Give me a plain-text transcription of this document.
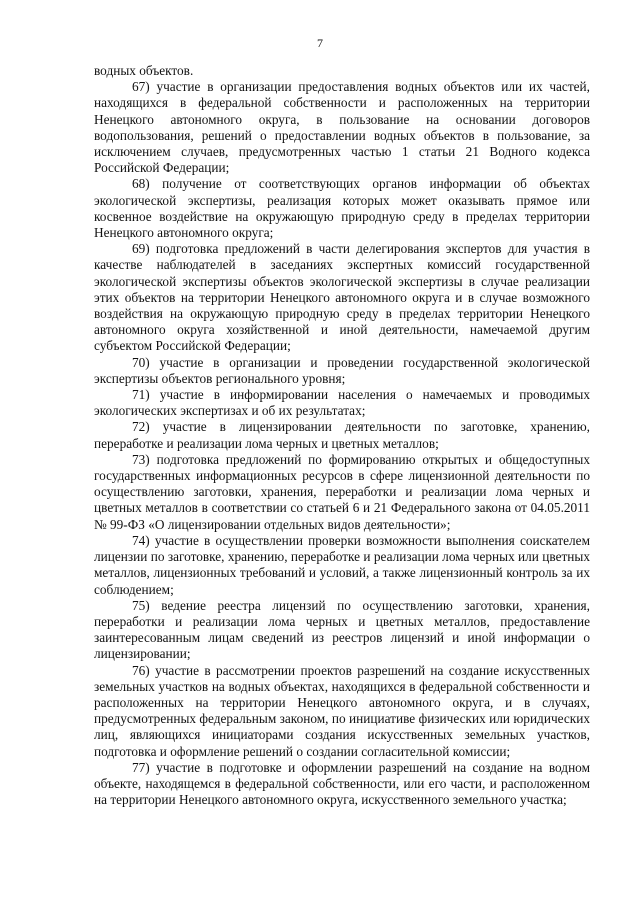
7

водных объектов.

67) участие в организации предоставления водных объектов или их частей, находящихся в федеральной собственности и расположенных на территории Ненецкого автономного округа, в пользование на основании договоров водопользования, решений о предоставлении водных объектов в пользование, за исключением случаев, предусмотренных частью 1 статьи 21 Водного кодекса Российской Федерации;

68) получение от соответствующих органов информации об объектах экологической экспертизы, реализация которых может оказывать прямое или косвенное воздействие на окружающую природную среду в пределах территории Ненецкого автономного округа;

69) подготовка предложений в части делегирования экспертов для участия в качестве наблюдателей в заседаниях экспертных комиссий государственной экологической экспертизы объектов экологической экспертизы в случае реализации этих объектов на территории Ненецкого автономного округа и в случае возможного воздействия на окружающую природную среду в пределах территории Ненецкого автономного округа хозяйственной и иной деятельности, намечаемой другим субъектом Российской Федерации;

70) участие в организации и проведении государственной экологической экспертизы объектов регионального уровня;

71) участие в информировании населения о намечаемых и проводимых экологических экспертизах и об их результатах;

72) участие в лицензировании деятельности по заготовке, хранению, переработке и реализации лома черных и цветных металлов;

73) подготовка предложений по формированию открытых и общедоступных государственных информационных ресурсов в сфере лицензионной деятельности по осуществлению заготовки, хранения, переработки и реализации лома черных и цветных металлов в соответствии со статьей 6 и 21 Федерального закона от 04.05.2011 № 99-ФЗ «О лицензировании отдельных видов деятельности»;

74) участие в осуществлении проверки возможности выполнения соискателем лицензии по заготовке, хранению, переработке и реализации лома черных или цветных металлов, лицензионных требований и условий, а также лицензионный контроль за их соблюдением;

75) ведение реестра лицензий по осуществлению заготовки, хранения, переработки и реализации лома черных и цветных металлов, предоставление заинтересованным лицам сведений из реестров лицензий и иной информации о лицензировании;

76) участие в рассмотрении проектов разрешений на создание искусственных земельных участков на водных объектах, находящихся в федеральной собственности и расположенных на территории Ненецкого автономного округа, и в случаях, предусмотренных федеральным законом, по инициативе физических или юридических лиц, являющихся инициаторами создания искусственных земельных участков, подготовка и оформление решений о создании согласительной комиссии;

77) участие в подготовке и оформлении разрешений на создание на водном объекте, находящемся в федеральной собственности, или его части, и расположенном на территории Ненецкого автономного округа, искусственного земельного участка;
